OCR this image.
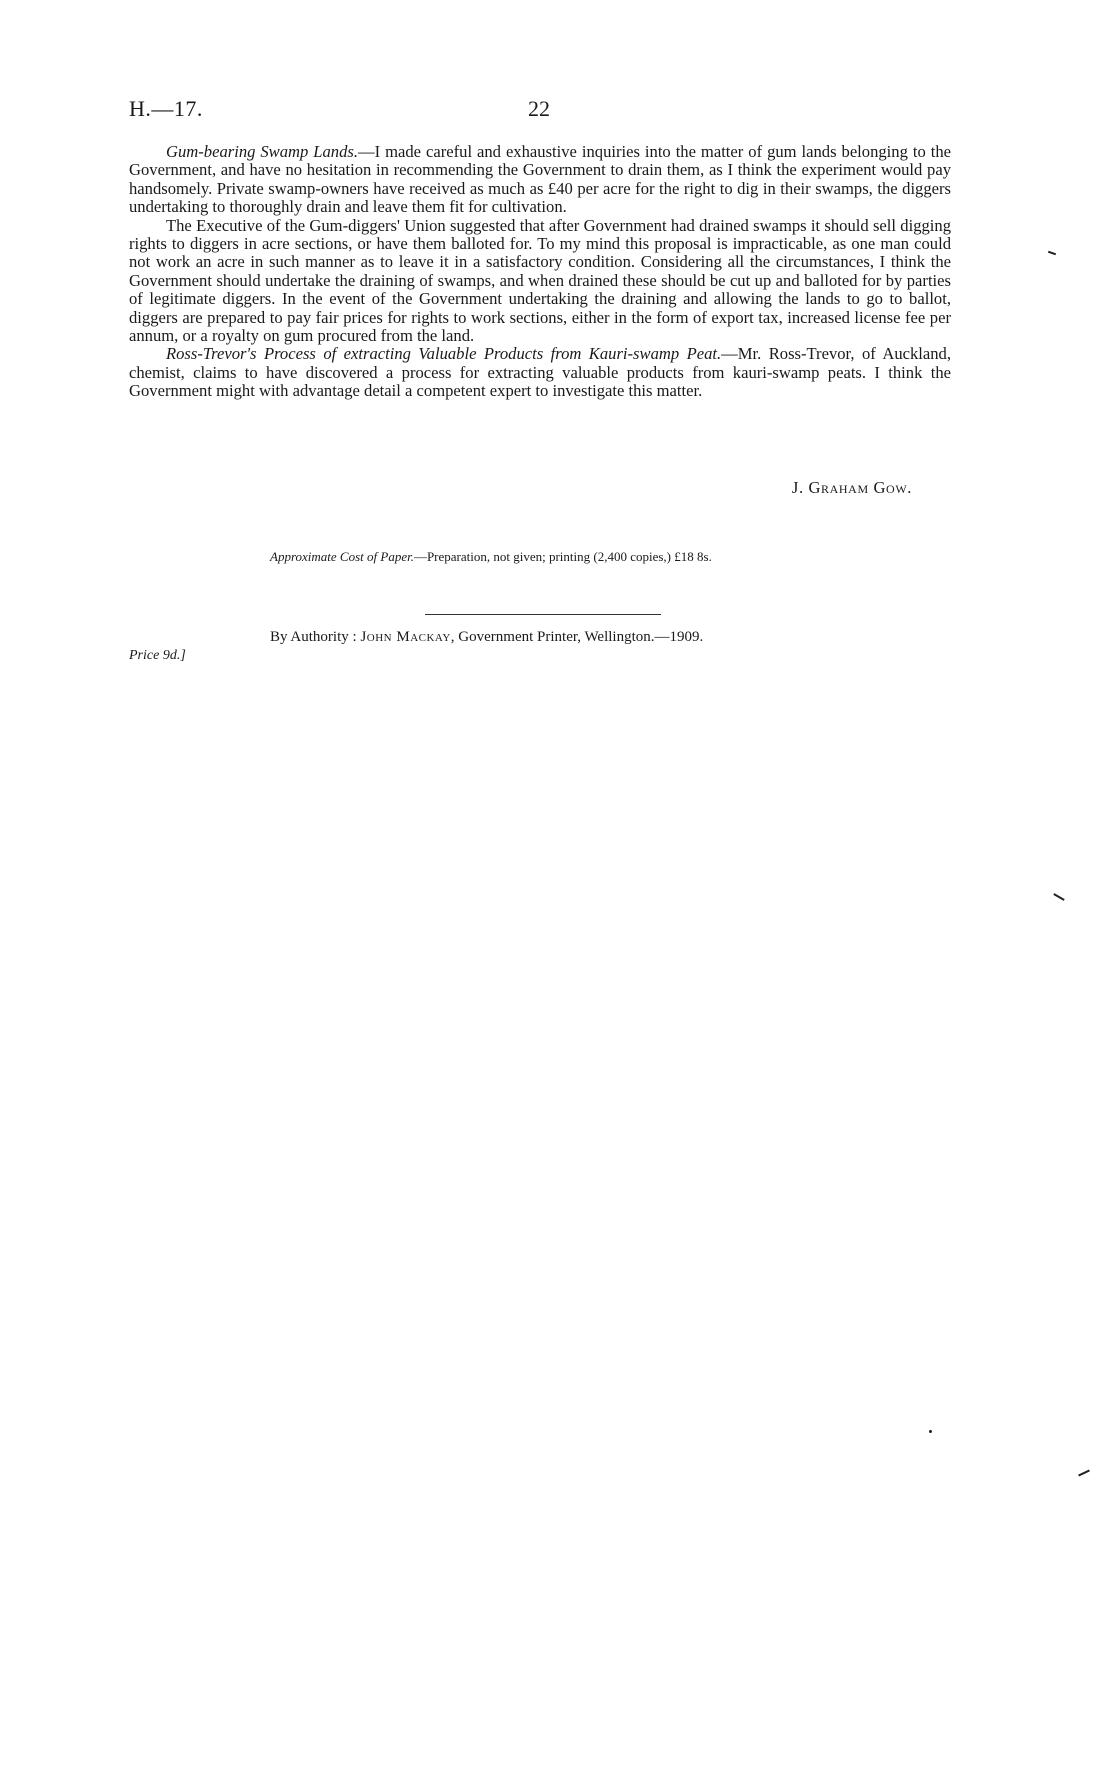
H.—17.	22

Gum-bearing Swamp Lands.—I made careful and exhaustive inquiries into the matter of gum lands belonging to the Government, and have no hesitation in recommending the Government to drain them, as I think the experiment would pay handsomely. Private swamp-owners have received as much as £40 per acre for the right to dig in their swamps, the diggers undertaking to thoroughly drain and leave them fit for cultivation.

The Executive of the Gum-diggers' Union suggested that after Government had drained swamps it should sell digging rights to diggers in acre sections, or have them balloted for. To my mind this proposal is impracticable, as one man could not work an acre in such manner as to leave it in a satisfactory condition. Considering all the circumstances, I think the Government should undertake the draining of swamps, and when drained these should be cut up and balloted for by parties of legitimate diggers. In the event of the Government undertaking the draining and allowing the lands to go to ballot, diggers are prepared to pay fair prices for rights to work sections, either in the form of export tax, increased license fee per annum, or a royalty on gum procured from the land.

Ross-Trevor's Process of extracting Valuable Products from Kauri-swamp Peat.—Mr. Ross-Trevor, of Auckland, chemist, claims to have discovered a process for extracting valuable products from kauri-swamp peats. I think the Government might with advantage detail a competent expert to investigate this matter.

J. Graham Gow.
Approximate Cost of Paper.—Preparation, not given; printing (2,400 copies,) £18 8s.
By Authority : John Mackay, Government Printer, Wellington.—1909.
Price 9d.]
